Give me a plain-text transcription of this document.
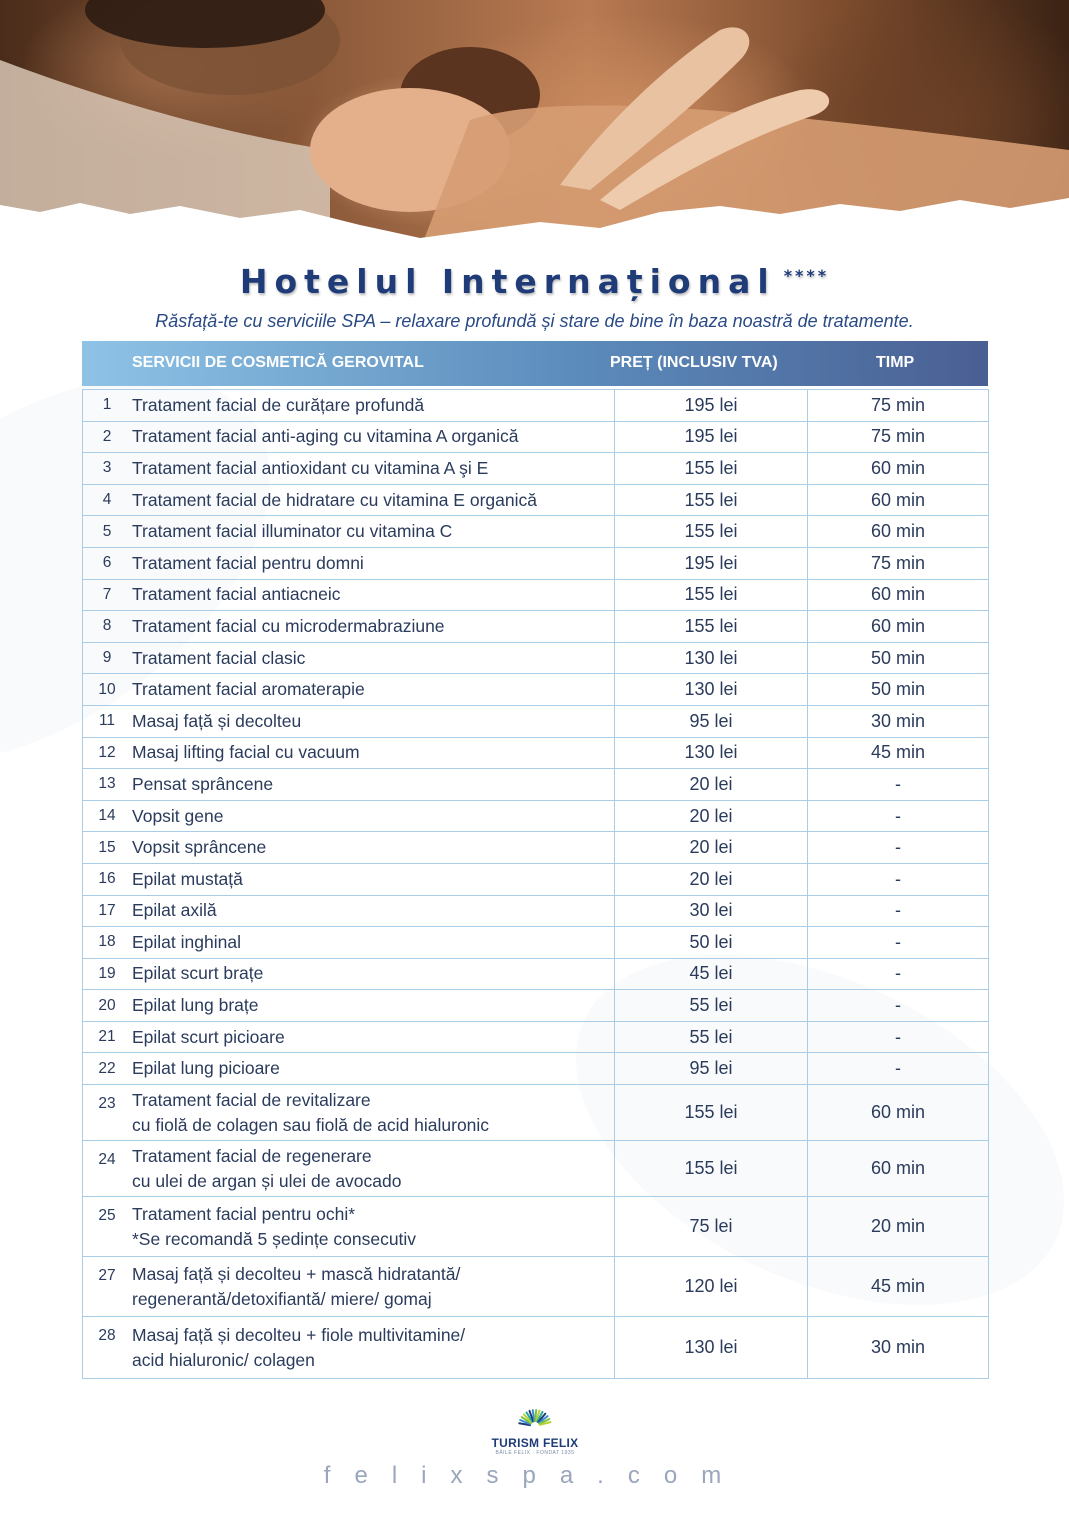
Hotelul Internațional ****
Răsfață-te cu serviciile SPA – relaxare profundă și stare de bine în baza noastră de tratamente.
SERVICII DE COSMETICĂ GEROVITAL	PREȚ (INCLUSIV TVA)	TIMP
1 Tratament facial de curățare profundă	195 lei	75 min

2 Tratament facial anti-aging cu vitamina A organică	195 lei	75 min

3 Tratament facial antioxidant cu vitamina A şi E	155 lei	60 min

4 Tratament facial de hidratare cu vitamina E organică	155 lei	60 min

5 Tratament facial illuminator cu vitamina C	155 lei	60 min

6 Tratament facial pentru domni	195 lei	75 min

7 Tratament facial antiacneic	155 lei	60 min

8 Tratament facial cu microdermabraziune	155 lei	60 min

9 Tratament facial clasic	130 lei	50 min

10 Tratament facial aromaterapie	130 lei	50 min

11 Masaj față și decolteu	95 lei	30 min

12 Masaj lifting facial cu vacuum	130 lei	45 min

13 Pensat sprâncene	20 lei	-

14 Vopsit gene	20 lei	-

15 Vopsit sprâncene	20 lei	-

16 Epilat mustață	20 lei	-

17 Epilat axilă	30 lei	-

18 Epilat inghinal	50 lei	-

19 Epilat scurt brațe	45 lei	-

20 Epilat lung brațe	55 lei	-

21 Epilat scurt picioare	55 lei	-

22 Epilat lung picioare	95 lei	-

23 Tratament facial de revitalizare
cu fiolă de colagen sau fiolă de acid hialuronic	155 lei	60 min

24 Tratament facial de regenerare
cu ulei de argan și ulei de avocado	155 lei	60 min

25 Tratament facial pentru ochi*
*Se recomandă 5 ședințe consecutiv	75 lei	20 min

27 Masaj față și decolteu + mască hidratantă/
regenerantă/detoxifiantă/ miere/ gomaj	120 lei	45 min

28 Masaj față și decolteu + fiole multivitamine/
acid hialuronic/ colagen	130 lei	30 min
TURISM FELIX
BĂILE FELIX · FONDAT 1935
felixspa.com
